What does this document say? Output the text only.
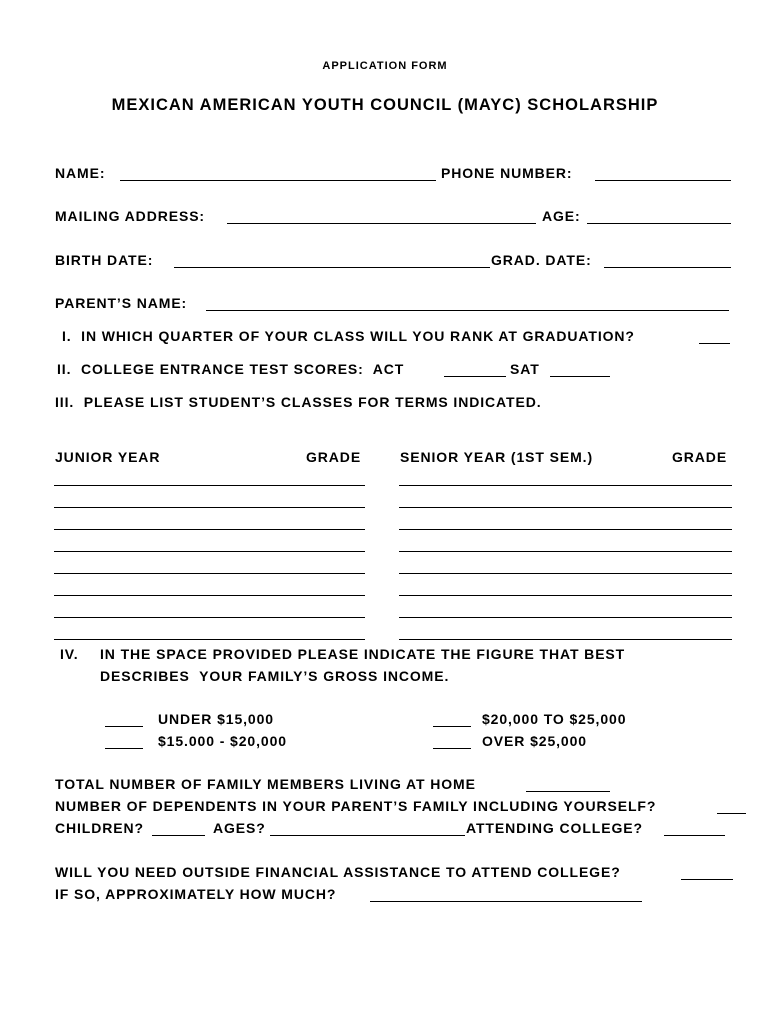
APPLICATION FORM
MEXICAN AMERICAN YOUTH COUNCIL (MAYC) SCHOLARSHIP
NAME:	PHONE NUMBER:
MAILING ADDRESS:	AGE:
BIRTH DATE:	GRAD. DATE:
PARENT’S NAME:
I.  IN WHICH QUARTER OF YOUR CLASS WILL YOU RANK AT GRADUATION?
II.  COLLEGE ENTRANCE TEST SCORES:  ACT	SAT
III.  PLEASE LIST STUDENT’S CLASSES FOR TERMS INDICATED.
JUNIOR YEAR	GRADE	SENIOR YEAR (1ST SEM.)	GRADE
IV. IN THE SPACE PROVIDED PLEASE INDICATE THE FIGURE THAT BEST
DESCRIBES  YOUR FAMILY’S GROSS INCOME.
UNDER $15,000	$20,000 TO $25,000
$15.000 - $20,000	OVER $25,000
TOTAL NUMBER OF FAMILY MEMBERS LIVING AT HOME
NUMBER OF DEPENDENTS IN YOUR PARENT’S FAMILY INCLUDING YOURSELF?
CHILDREN?	AGES?	ATTENDING COLLEGE?
WILL YOU NEED OUTSIDE FINANCIAL ASSISTANCE TO ATTEND COLLEGE?
IF SO, APPROXIMATELY HOW MUCH?
